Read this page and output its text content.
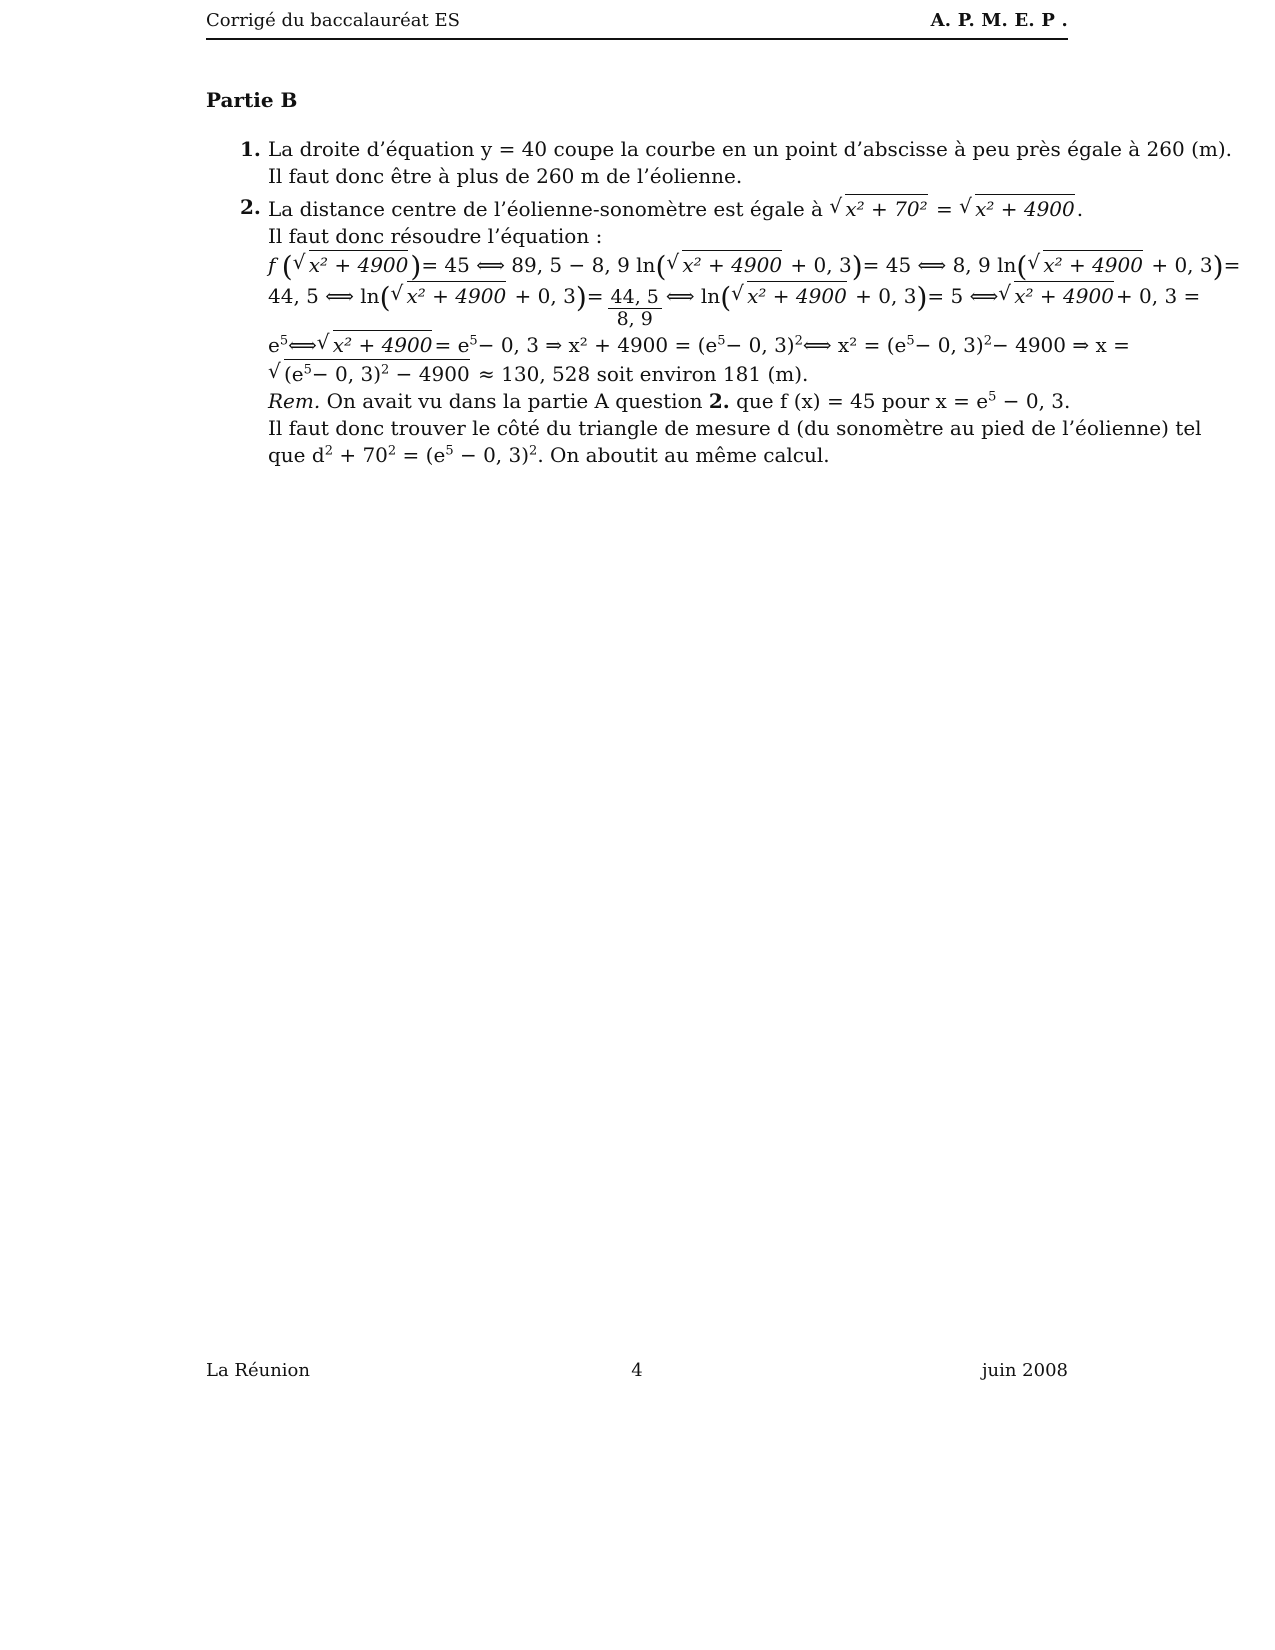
Corrigé du baccalauréat ES	A. P. M. E. P .
Partie B
1. La droite d’équation y = 40 coupe la courbe en un point d’abscisse à peu près égale à 260 (m).
Il faut donc être à plus de 260 m de l’éolienne.
2. La distance centre de l’éolienne-sonomètre est égale à √ x² + 70² = √ x² + 4900 .
Il faut donc résoudre l’équation :
f ( √ x² + 4900) = 45 ⟺ 89, 5 − 8, 9 ln ( √ x² + 4900 + 0, 3) = 45 ⟺ 8, 9 ln ( √ x² + 4900 + 0, 3) =
44, 5 ⟺ ln ( √ x² + 4900 + 0, $3) = \frac{44, 5}{8, 9}$ ⟺ ln ( √ x² + 4900 + 0, 3) = 5 ⟺ √ x² + 4900 + 0, 3 =
$e^5$ ⟺ √ $x^2 + 4900 = e^5 - 0$, 3 ⇒ $x^2 + 4900 = (e^5 - 0$, 3)$^2$ ⟺ $x^2 = (e^5 - 0$, 3)$^2$ − 4900 ⇒ x =
√ ($e^5- 0$, 3)$^2$ − 4900 ≈ 130, 528 soit environ 181 (m).
Rem. On avait vu dans la partie A question 2. que f (x) = 45 pour $x = e^5 - 0$, 3.
Il faut donc trouver le côté du triangle de mesure d (du sonomètre au pied de l’éolienne) tel
que $d^2 + 70^2 = (e^5 - 0$, 3)$^2$. On aboutit au même calcul.
La Réunion	4	juin 2008
